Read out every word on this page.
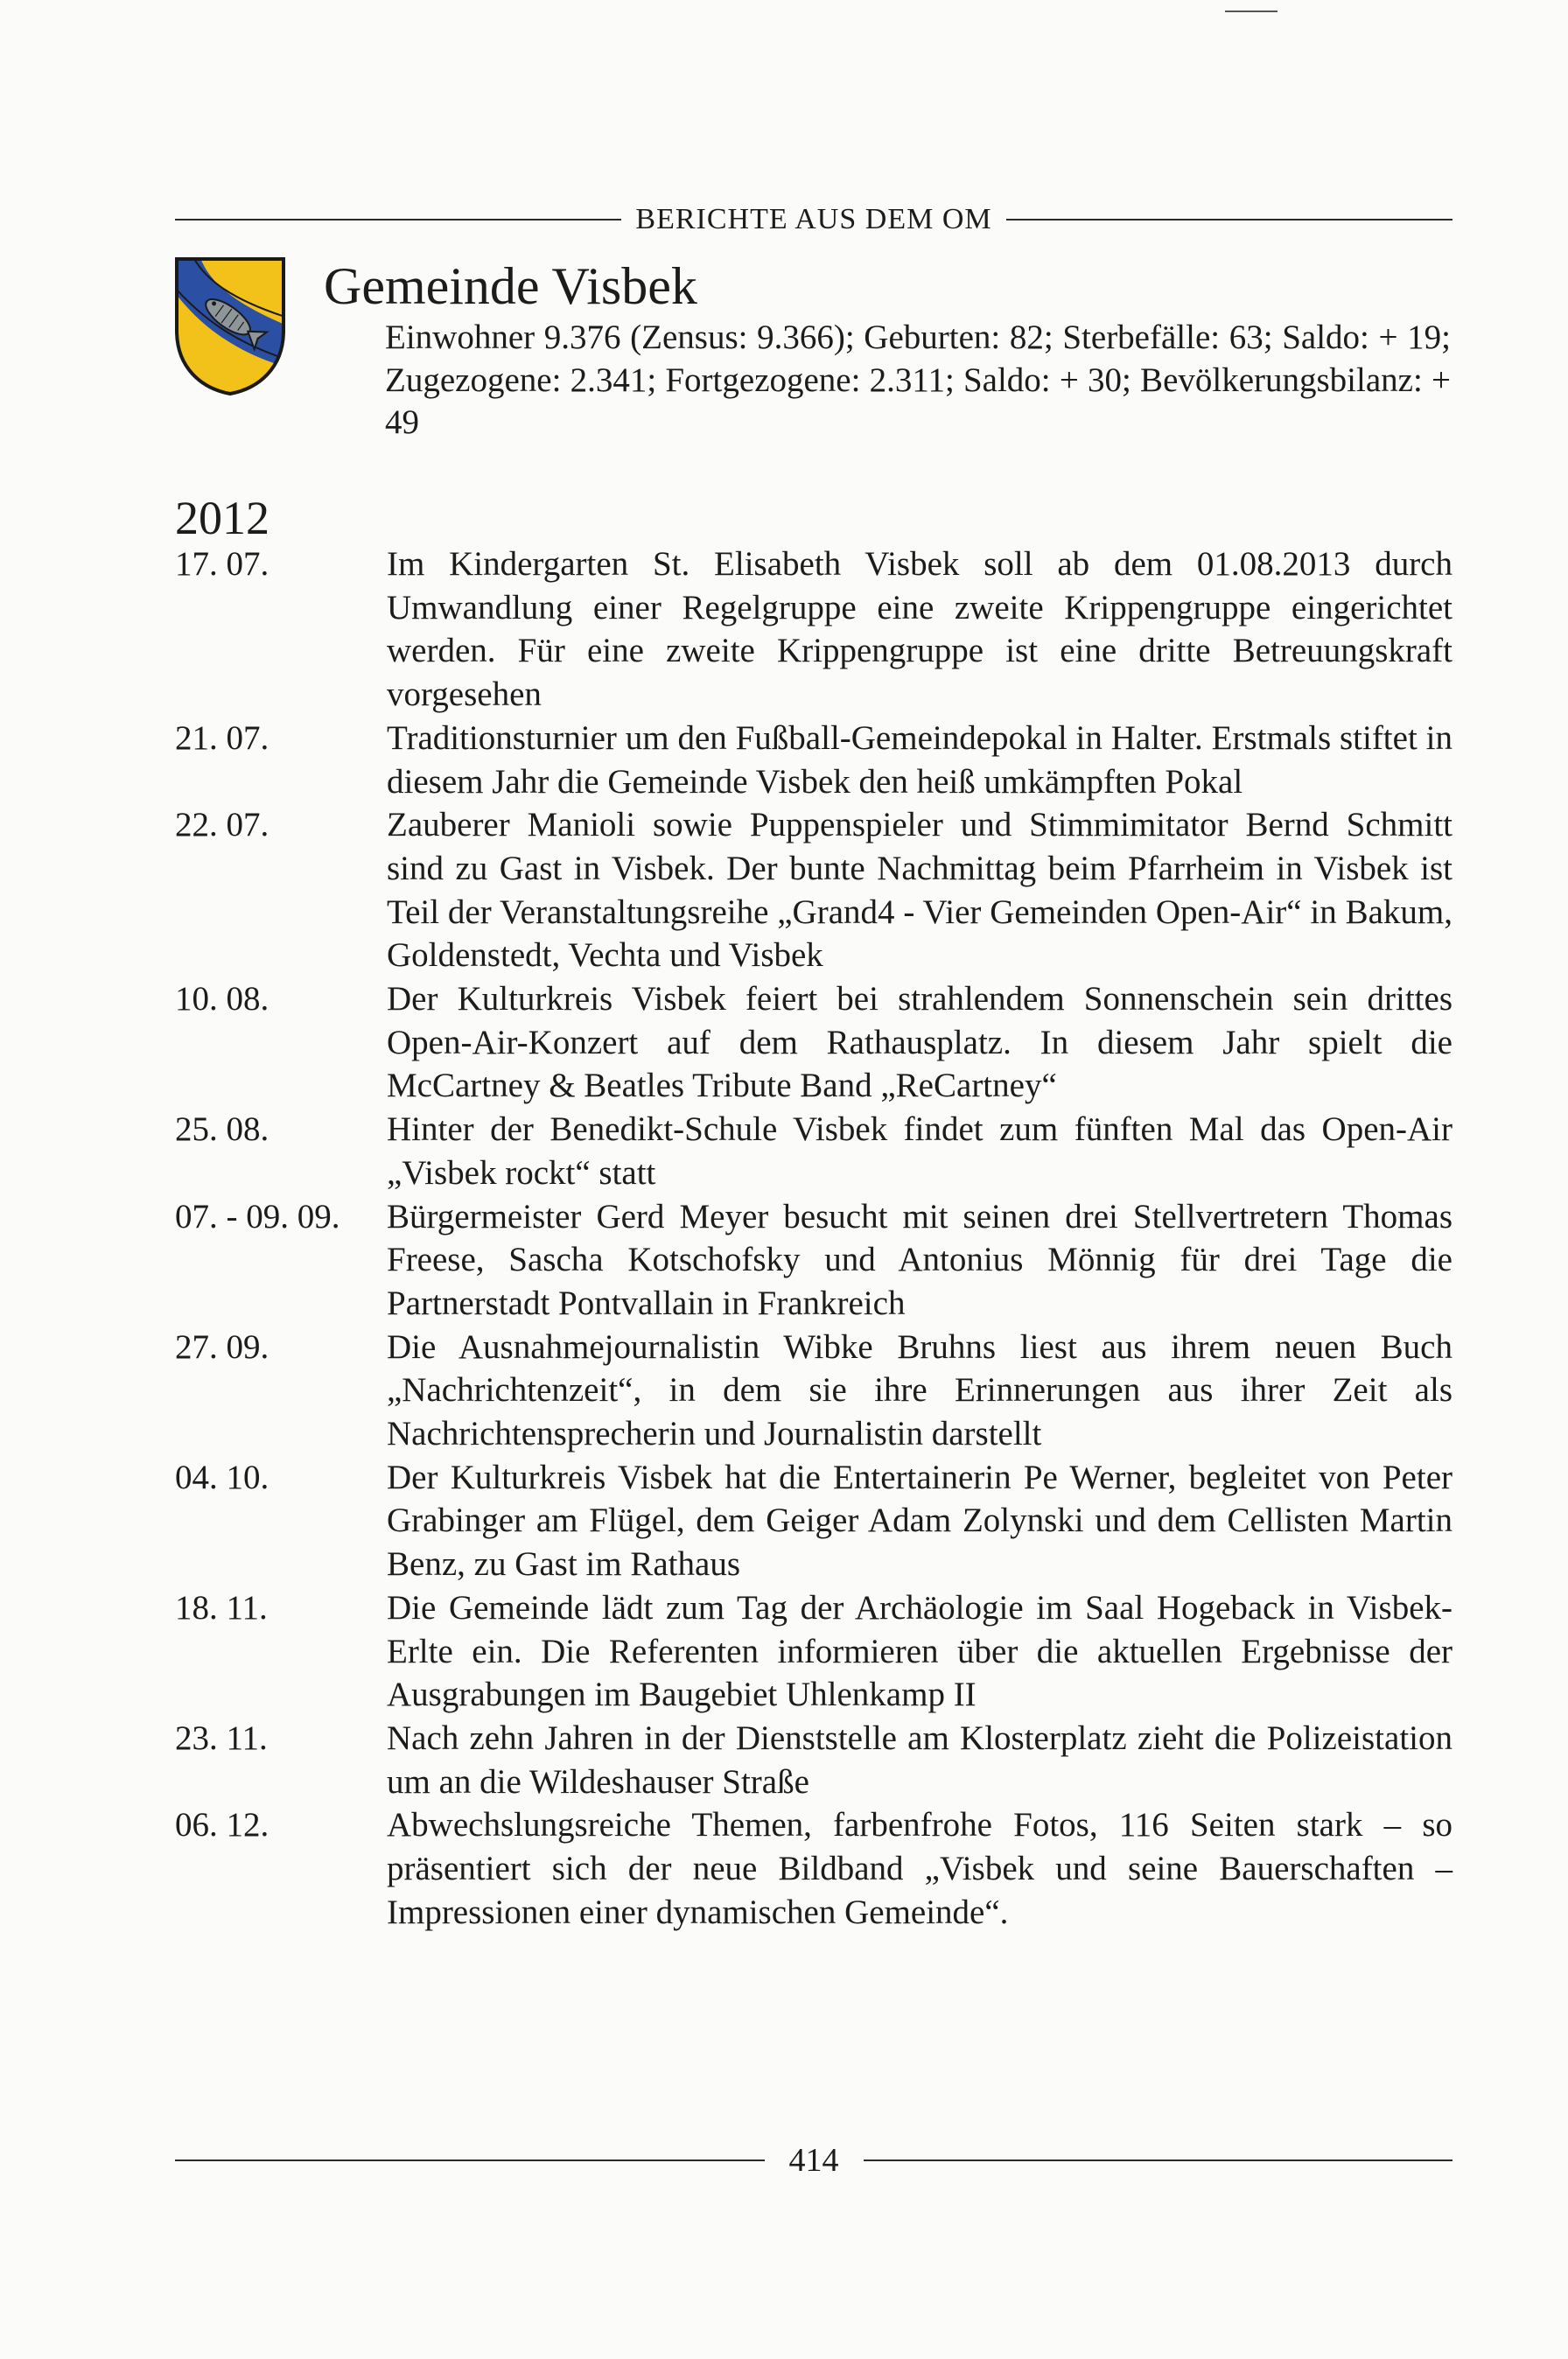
BERICHTE AUS DEM OM
Gemeinde Visbek

Einwohner 9.376 (Zensus: 9.366); Geburten: 82; Sterbefälle: 63; Saldo: + 19; Zugezogene: 2.341; Fortgezogene: 2.311; Saldo: + 30; Bevölkerungsbilanz: + 49

2012
17. 07.	Im Kindergarten St. Elisabeth Visbek soll ab dem 01.08.2013 durch Umwandlung einer Regelgruppe eine zweite Krippengruppe eingerichtet werden. Für eine zweite Krippengruppe ist eine dritte Betreuungskraft vorgesehen
21. 07.	Traditionsturnier um den Fußball-Gemeindepokal in Halter. Erstmals stiftet in diesem Jahr die Gemeinde Visbek den heiß umkämpften Pokal
22. 07.	Zauberer Manioli sowie Puppenspieler und Stimmimitator Bernd Schmitt sind zu Gast in Visbek. Der bunte Nachmittag beim Pfarrheim in Visbek ist Teil der Veranstaltungsreihe „Grand4 - Vier Gemeinden Open-Air“ in Bakum, Goldenstedt, Vechta und Visbek
10. 08.	Der Kulturkreis Visbek feiert bei strahlendem Sonnenschein sein drittes Open-Air-Konzert auf dem Rathausplatz. In diesem Jahr spielt die McCartney & Beatles Tribute Band „ReCartney“
25. 08.	Hinter der Benedikt-Schule Visbek findet zum fünften Mal das Open-Air „Visbek rockt“ statt
07. - 09. 09.	Bürgermeister Gerd Meyer besucht mit seinen drei Stellvertretern Thomas Freese, Sascha Kotschofsky und Antonius Mönnig für drei Tage die Partnerstadt Pontvallain in Frankreich
27. 09.	Die Ausnahmejournalistin Wibke Bruhns liest aus ihrem neuen Buch „Nachrichtenzeit“, in dem sie ihre Erinnerungen aus ihrer Zeit als Nachrichtensprecherin und Journalistin darstellt
04. 10.	Der Kulturkreis Visbek hat die Entertainerin Pe Werner, begleitet von Peter Grabinger am Flügel, dem Geiger Adam Zolynski und dem Cellisten Martin Benz, zu Gast im Rathaus
18. 11.	Die Gemeinde lädt zum Tag der Archäologie im Saal Hogeback in Visbek-Erlte ein. Die Referenten informieren über die aktuellen Ergebnisse der Ausgrabungen im Baugebiet Uhlenkamp II
23. 11.	Nach zehn Jahren in der Dienststelle am Klosterplatz zieht die Polizeistation um an die Wildeshauser Straße
06. 12.	Abwechslungsreiche Themen, farbenfrohe Fotos, 116 Seiten stark – so präsentiert sich der neue Bildband „Visbek und seine Bauerschaften – Impressionen einer dynamischen Gemeinde“.
414
